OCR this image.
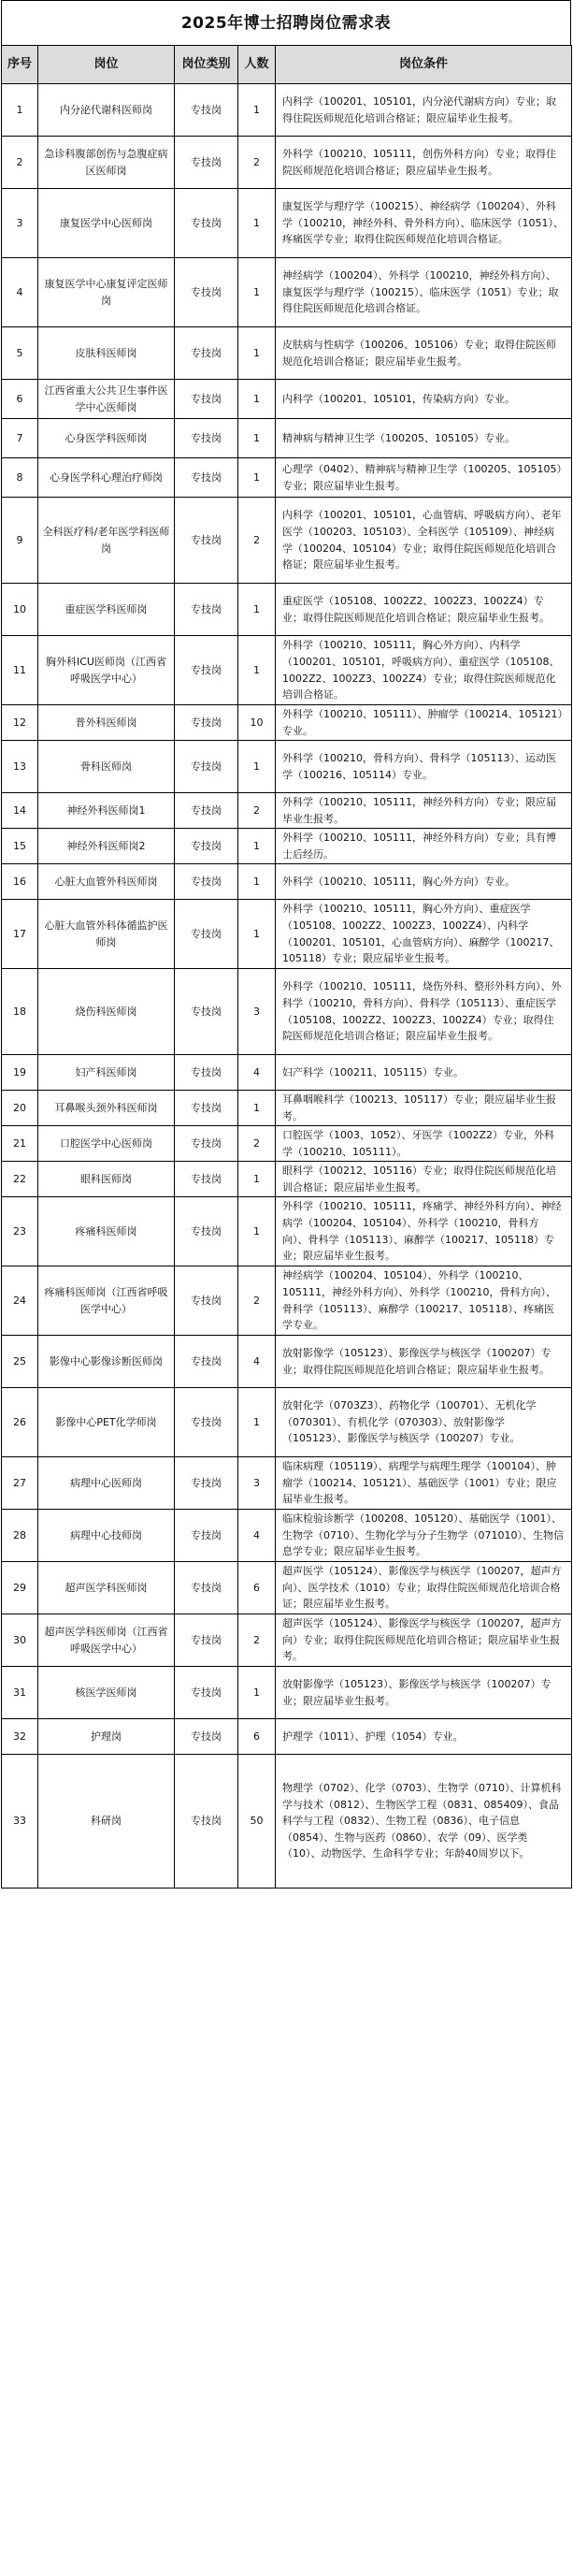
2025年博士招聘岗位需求表
序号	岗位	岗位类别	人数	岗位条件
1	内分泌代谢科医师岗	专技岗	1	内科学（100201、105101，内分泌代谢病方向）专业；取得住院医师规范化培训合格证；限应届毕业生报考。
2	急诊科腹部创伤与急腹症病区医师岗	专技岗	2	外科学（100210、105111，创伤外科方向）专业；取得住院医师规范化培训合格证；限应届毕业生报考。
3	康复医学中心医师岗	专技岗	1	康复医学与理疗学（100215）、神经病学（100204）、外科学（100210，神经外科、骨外科方向）、临床医学（1051）、疼痛医学专业；取得住院医师规范化培训合格证。
4	康复医学中心康复评定医师岗	专技岗	1	神经病学（100204）、外科学（100210，神经外科方向）、康复医学与理疗学（100215）、临床医学（1051）专业；取得住院医师规范化培训合格证。
5	皮肤科医师岗	专技岗	1	皮肤病与性病学（100206、105106）专业；取得住院医师规范化培训合格证；限应届毕业生报考。
6	江西省重大公共卫生事件医学中心医师岗	专技岗	1	内科学（100201、105101，传染病方向）专业。
7	心身医学科医师岗	专技岗	1	精神病与精神卫生学（100205、105105）专业。
8	心身医学科心理治疗师岗	专技岗	1	心理学（0402）、精神病与精神卫生学（100205、105105）专业；限应届毕业生报考。
9	全科医疗科/老年医学科医师岗	专技岗	2	内科学（100201、105101，心血管病、呼吸病方向）、老年医学（100203、105103）、全科医学（105109）、神经病学（100204、105104）专业；取得住院医师规范化培训合格证；限应届毕业生报考。
10	重症医学科医师岗	专技岗	1	重症医学（105108、1002Z2、1002Z3、1002Z4）专业；取得住院医师规范化培训合格证；限应届毕业生报考。
11	胸外科ICU医师岗（江西省呼吸医学中心）	专技岗	1	外科学（100210、105111，胸心外方向）、内科学（100201、105101，呼吸病方向）、重症医学（105108、1002Z2、1002Z3、1002Z4）专业；取得住院医师规范化培训合格证。
12	普外科医师岗	专技岗	10	外科学（100210、105111）、肿瘤学（100214、105121）专业。
13	骨科医师岗	专技岗	1	外科学（100210，骨科方向）、骨科学（105113）、运动医学（100216、105114）专业。
14	神经外科医师岗1	专技岗	2	外科学（100210、105111，神经外科方向）专业；限应届毕业生报考。
15	神经外科医师岗2	专技岗	1	外科学（100210、105111，神经外科方向）专业；具有博士后经历。
16	心脏大血管外科医师岗	专技岗	1	外科学（100210、105111，胸心外方向）专业。
17	心脏大血管外科体循监护医师岗	专技岗	1	外科学（100210、105111，胸心外方向）、重症医学（105108、1002Z2、1002Z3、1002Z4）、内科学（100201、105101，心血管病方向）、麻醉学（100217、105118）专业；限应届毕业生报考。
18	烧伤科医师岗	专技岗	3	外科学（100210、105111，烧伤外科、整形外科方向）、外科学（100210，骨科方向）、骨科学（105113）、重症医学（105108、1002Z2、1002Z3、1002Z4）专业；取得住院医师规范化培训合格证；限应届毕业生报考。
19	妇产科医师岗	专技岗	4	妇产科学（100211、105115）专业。
20	耳鼻喉头颈外科医师岗	专技岗	1	耳鼻咽喉科学（100213、105117）专业；限应届毕业生报考。
21	口腔医学中心医师岗	专技岗	2	口腔医学（1003、1052）、牙医学（1002Z2）专业，外科学（100210、105111）。
22	眼科医师岗	专技岗	1	眼科学（100212、105116）专业；取得住院医师规范化培训合格证；限应届毕业生报考。
23	疼痛科医师岗	专技岗	1	外科学（100210、105111，疼痛学、神经外科方向）、神经病学（100204、105104）、外科学（100210，骨科方向）、骨科学（105113）、麻醉学（100217、105118）专业；限应届毕业生报考。
24	疼痛科医师岗（江西省呼吸医学中心）	专技岗	2	神经病学（100204、105104）、外科学（100210、105111，神经外科方向）、外科学（100210，骨科方向）、骨科学（105113）、麻醉学（100217、105118）、疼痛医学专业。
25	影像中心影像诊断医师岗	专技岗	4	放射影像学（105123）、影像医学与核医学（100207）专业；取得住院医师规范化培训合格证；限应届毕业生报考。
26	影像中心PET化学师岗	专技岗	1	放射化学（0703Z3）、药物化学（100701）、无机化学（070301）、有机化学（070303）、放射影像学（105123）、影像医学与核医学（100207）专业。
27	病理中心医师岗	专技岗	3	临床病理（105119）、病理学与病理生理学（100104）、肿瘤学（100214、105121）、基础医学（1001）专业；限应届毕业生报考。
28	病理中心技师岗	专技岗	4	临床检验诊断学（100208、105120）、基础医学（1001）、生物学（0710）、生物化学与分子生物学（071010）、生物信息学专业；限应届毕业生报考。
29	超声医学科医师岗	专技岗	6	超声医学（105124）、影像医学与核医学（100207，超声方向）、医学技术（1010）专业；取得住院医师规范化培训合格证；限应届毕业生报考。
30	超声医学科医师岗（江西省呼吸医学中心）	专技岗	2	超声医学（105124）、影像医学与核医学（100207，超声方向）专业；取得住院医师规范化培训合格证；限应届毕业生报考。
31	核医学医师岗	专技岗	1	放射影像学（105123）、影像医学与核医学（100207）专业；限应届毕业生报考。
32	护理岗	专技岗	6	护理学（1011）、护理（1054）专业。
33	科研岗	专技岗	50	物理学（0702）、化学（0703）、生物学（0710）、计算机科学与技术（0812）、生物医学工程（0831、085409）、食品科学与工程（0832）、生物工程（0836）、电子信息（0854）、生物与医药（0860）、农学（09）、医学类（10）、动物医学、生命科学专业；年龄40周岁以下。
